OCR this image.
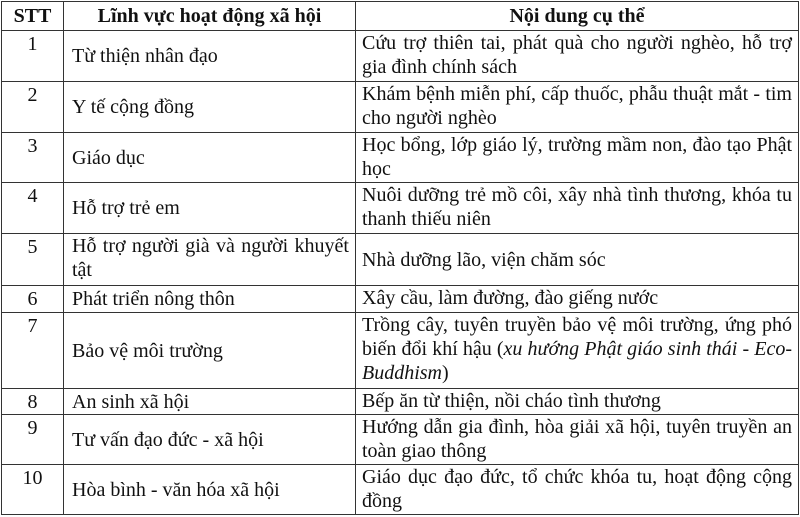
STT	Lĩnh vực hoạt động xã hội	Nội dung cụ thể
1	Từ thiện nhân đạo	Cứu trợ thiên tai, phát quà cho người nghèo, hỗ trợ gia đình chính sách
2	Y tế cộng đồng	Khám bệnh miễn phí, cấp thuốc, phẫu thuật mắt - tim cho người nghèo
3	Giáo dục	Học bổng, lớp giáo lý, trường mầm non, đào tạo Phật học
4	Hỗ trợ trẻ em	Nuôi dưỡng trẻ mồ côi, xây nhà tình thương, khóa tu thanh thiếu niên
5	Hỗ trợ người già và người khuyết tật	Nhà dưỡng lão, viện chăm sóc
6	Phát triển nông thôn	Xây cầu, làm đường, đào giếng nước
7	Bảo vệ môi trường	Trồng cây, tuyên truyền bảo vệ môi trường, ứng phó biến đổi khí hậu (xu hướng Phật giáo sinh thái - Eco-Buddhism)
8	An sinh xã hội	Bếp ăn từ thiện, nồi cháo tình thương
9	Tư vấn đạo đức - xã hội	Hướng dẫn gia đình, hòa giải xã hội, tuyên truyền an toàn giao thông
10	Hòa bình - văn hóa xã hội	Giáo dục đạo đức, tổ chức khóa tu, hoạt động cộng đồng
